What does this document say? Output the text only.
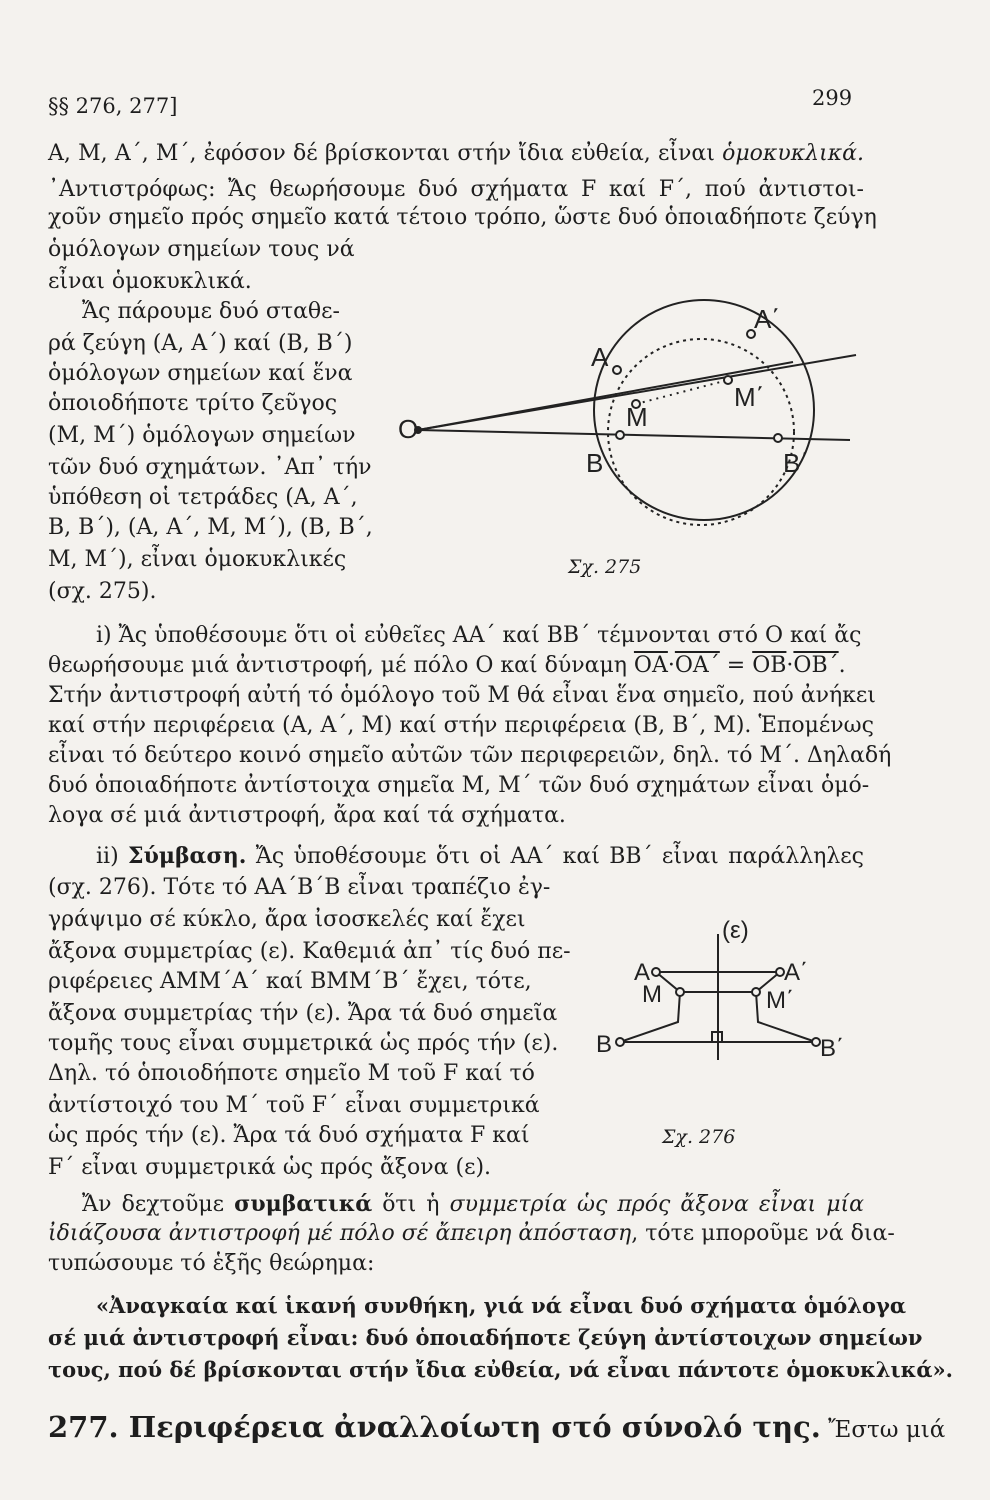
§§ 276, 277]	299
Α, Μ, Α΄, Μ΄, ἐφόσον δέ βρίσκονται στήν ἴδια εὐθεία, εἶναι ὁμοκυκλικά.
᾿Αντιστρόφως: Ἄς θεωρήσουμε δυό σχήματα F καί F΄, πού ἀντιστοι-
χοῦν σημεῖο πρός σημεῖο κατά τέτοιο τρόπο, ὥστε δυό ὁποιαδήποτε ζεύγη
ὁμόλογων σημείων τους νά
εἶναι ὁμοκυκλικά.
Ἄς πάρουμε δυό σταθε-
ρά ζεύγη (Α, Α΄) καί (Β, Β΄)
ὁμόλογων σημείων καί ἕνα
ὁποιοδήποτε τρίτο ζεῦγος
(Μ, Μ΄) ὁμόλογων σημείων
τῶν δυό σχημάτων. ᾿Απ᾿ τήν
ὑπόθεση οἱ τετράδες (Α, Α΄,
Β, Β΄), (Α, Α΄, Μ, Μ΄), (Β, Β΄,
Μ, Μ΄), εἶναι ὁμοκυκλικές
(σχ. 275).
Ο
Α
Α΄
Μ
Μ΄
Β	Β΄
Σχ. 275
i) Ἄς ὑποθέσουμε ὅτι οἱ εὐθεῖες ΑΑ΄ καί ΒΒ΄ τέμνονται στό Ο καί ἄς
θεωρήσουμε μιά ἀντιστροφή, μέ πόλο Ο καί δύναμη $\overline{OA}\cdot\overline{OA΄} = \overline{OB}\cdot\overline{OB΄}$.
Στήν ἀντιστροφή αὐτή τό ὁμόλογο τοῦ Μ θά εἶναι ἕνα σημεῖο, πού ἀνήκει
καί στήν περιφέρεια (Α, Α΄, Μ) καί στήν περιφέρεια (Β, Β΄, Μ). Ἑπομένως
εἶναι τό δεύτερο κοινό σημεῖο αὐτῶν τῶν περιφερειῶν, δηλ. τό Μ΄. Δηλαδή
δυό ὁποιαδήποτε ἀντίστοιχα σημεῖα Μ, Μ΄ τῶν δυό σχημάτων εἶναι ὁμό-
λογα σέ μιά ἀντιστροφή, ἄρα καί τά σχήματα.
ii) Σύμβαση. Ἄς ὑποθέσουμε ὅτι οἱ ΑΑ΄ καί ΒΒ΄ εἶναι παράλληλες
(σχ. 276). Τότε τό ΑΑ΄Β΄Β εἶναι τραπέζιο ἐγ-
γράψιμο σέ κύκλο, ἄρα ἰσοσκελές καί ἔχει
ἄξονα συμμετρίας (ε). Καθεμιά ἀπ᾿ τίς δυό πε-
ριφέρειες ΑΜΜ΄Α΄ καί ΒΜΜ΄Β΄ ἔχει, τότε,
ἄξονα συμμετρίας τήν (ε). Ἄρα τά δυό σημεῖα
τομῆς τους εἶναι συμμετρικά ὡς πρός τήν (ε).
Δηλ. τό ὁποιοδήποτε σημεῖο Μ τοῦ F καί τό
ἀντίστοιχό του Μ΄ τοῦ F΄ εἶναι συμμετρικά
ὡς πρός τήν (ε). Ἄρα τά δυό σχήματα F καί
F΄ εἶναι συμμετρικά ὡς πρός ἄξονα (ε).
(ε)
Α	Α΄
Μ	Μ΄
Β	Β΄
Σχ. 276
Ἄν δεχτοῦμε συμβατικά ὅτι ἡ συμμετρία ὡς πρός ἄξονα εἶναι μία
ἰδιάζουσα ἀντιστροφή μέ πόλο σέ ἄπειρη ἀπόσταση, τότε μποροῦμε νά δια-
τυπώσουμε τό ἑξῆς θεώρημα:
«Ἀναγκαία καί ἱκανή συνθήκη, γιά νά εἶναι δυό σχήματα ὁμόλογα
σέ μιά ἀντιστροφή εἶναι: δυό ὁποιαδήποτε ζεύγη ἀντίστοιχων σημείων
τους, πού δέ βρίσκονται στήν ἴδια εὐθεία, νά εἶναι πάντοτε ὁμοκυκλικά».
277. Περιφέρεια ἀναλλοίωτη στό σύνολό της. Ἔστω μιά
